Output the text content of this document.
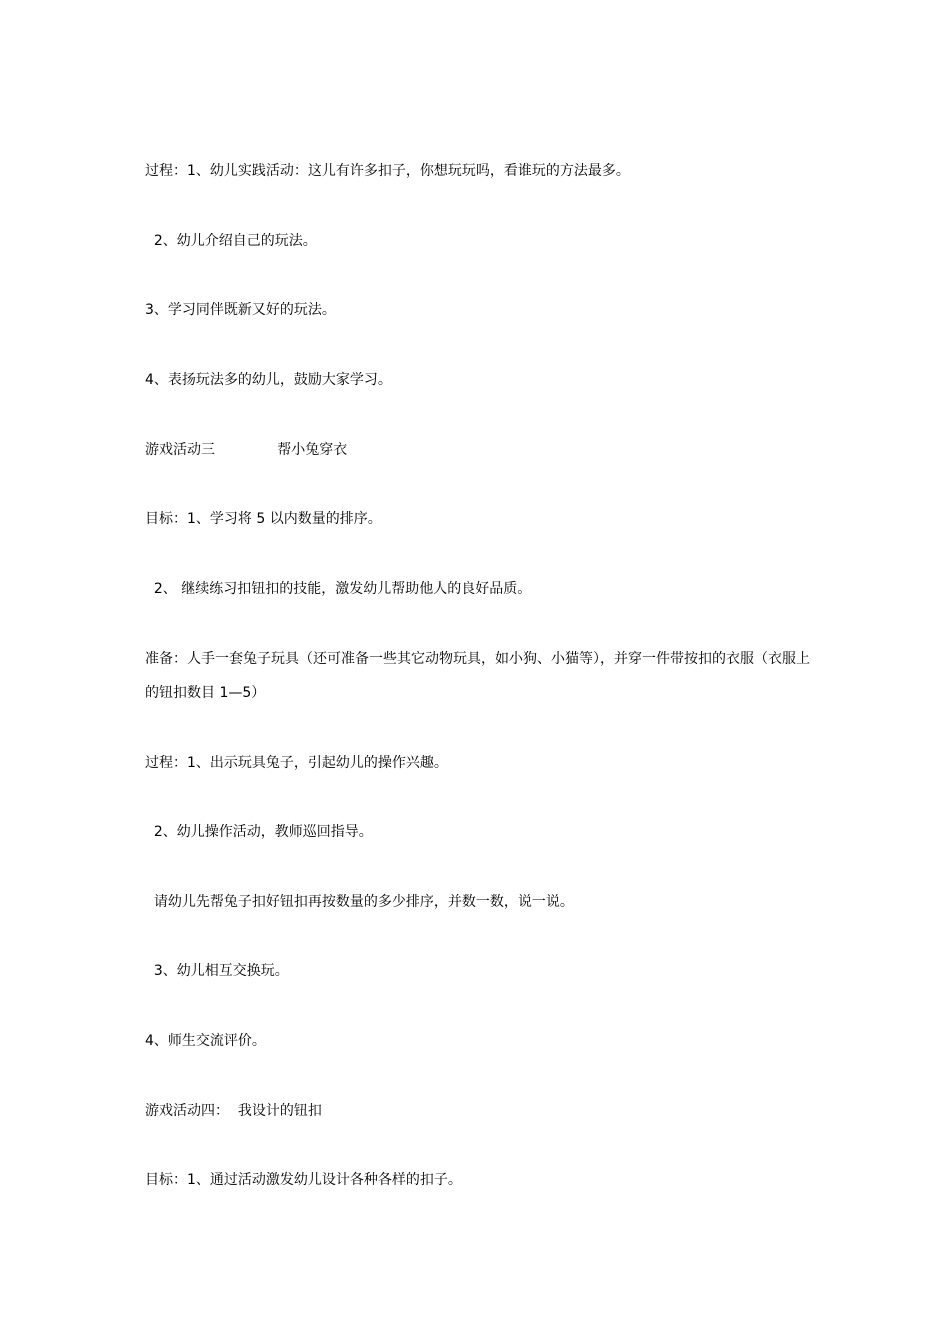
过程：1、幼儿实践活动：这儿有许多扣子，你想玩玩吗，看谁玩的方法最多。

2、幼儿介绍自己的玩法。

3、学习同伴既新又好的玩法。

4、表扬玩法多的幼儿，鼓励大家学习。

游戏活动三              帮小兔穿衣

目标：1、学习将 5 以内数量的排序。

2、 继续练习扣钮扣的技能，激发幼儿帮助他人的良好品质。

准备：人手一套兔子玩具（还可准备一些其它动物玩具，如小狗、小猫等），并穿一件带按扣的衣服（衣服上的钮扣数目 1—5）

过程：1、出示玩具兔子，引起幼儿的操作兴趣。

2、幼儿操作活动，教师巡回指导。

请幼儿先帮兔子扣好钮扣再按数量的多少排序，并数一数，说一说。

3、幼儿相互交换玩。

4、师生交流评价。

游戏活动四：  我设计的钮扣

目标：1、通过活动激发幼儿设计各种各样的扣子。
